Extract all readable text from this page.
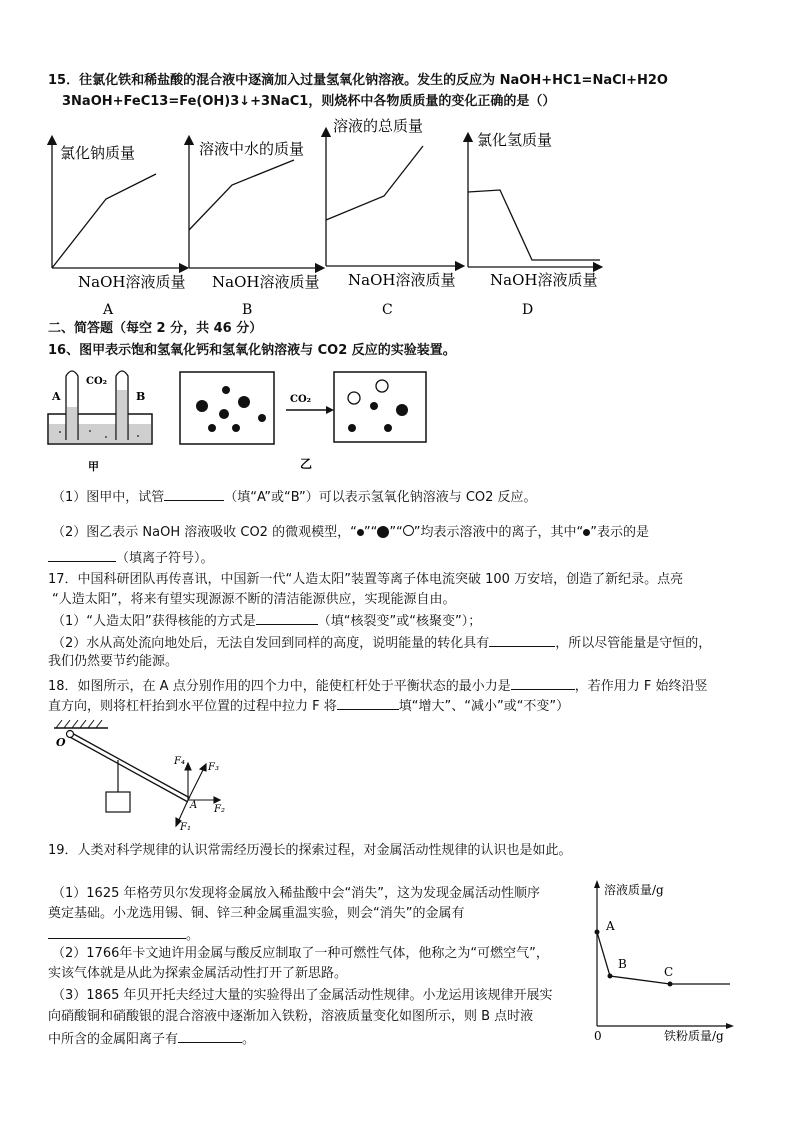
15．往氯化铁和稀盐酸的混合液中逐滴加入过量氢氧化钠溶液。发生的反应为 NaOH+HC1=NaCl+H2O
3NaOH+FeC13=Fe(OH)3↓+3NaC1，则烧杯中各物质质量的变化正确的是（）
氯化钠质量
NaOH溶液质量
A
溶液中水的质量
NaOH溶液质量
B
溶液的总质量
NaOH溶液质量
C
氯化氢质量
NaOH溶液质量
D
二、简答题（每空 2 分，共 46 分）
16、图甲表示饱和氢氧化钙和氢氧化钠溶液与 CO2 反应的实验装置。
A	B
CO₂
甲
CO₂
乙
（1）图甲中，试管	（填“A”或“B”）可以表示氢氧化钠溶液与 CO2 反应。
（2）图乙表示 NaOH 溶液吸收 CO2 的微观模型，“ ”“ ”“ ”均表示溶液中的离子，其中“ ”表示的是
（填离子符号）。
17．中国科研团队再传喜讯，中国新一代“人造太阳”装置等离子体电流突破 100 万安培，创造了新纪录。点亮
“人造太阳”，将来有望实现源源不断的清洁能源供应，实现能源自由。
（1）“人造太阳”获得核能的方式是	（填“核裂变”或“核聚变”）；
（2）水从高处流向地处后，无法自发回到同样的高度，说明能量的转化具有	，所以尽管能量是守恒的，
我们仍然要节约能源。
18．如图所示，在 A 点分别作用的四个力中，能使杠杆处于平衡状态的最小力是	，若作用力 F 始终沿竖
直方向，则将杠杆抬到水平位置的过程中拉力 F 将	填“增大”、“减小”或“不变”）
O
F₄
F₃
F₂
F₁
A
19．人类对科学规律的认识常需经历漫长的探索过程，对金属活动性规律的认识也是如此。
（1）1625 年格劳贝尔发现将金属放入稀盐酸中会“消失”，这为发现金属活动性顺序
奠定基础。小龙选用锡、铜、锌三种金属重温实验，则会“消失”的金属有
。
（2）1766年卡文迪许用金属与酸反应制取了一种可燃性气体，他称之为“可燃空气”，
实该气体就是从此为探索金属活动性打开了新思路。
（3）1865 年贝开托夫经过大量的实验得出了金属活动性规律。小龙运用该规律开展实
向硝酸铜和硝酸银的混合溶液中逐渐加入铁粉，溶液质量变化如图所示，则 B 点时液
中所含的金属阳离子有	。
溶液质量/g
A
B
C
0	铁粉质量/g
